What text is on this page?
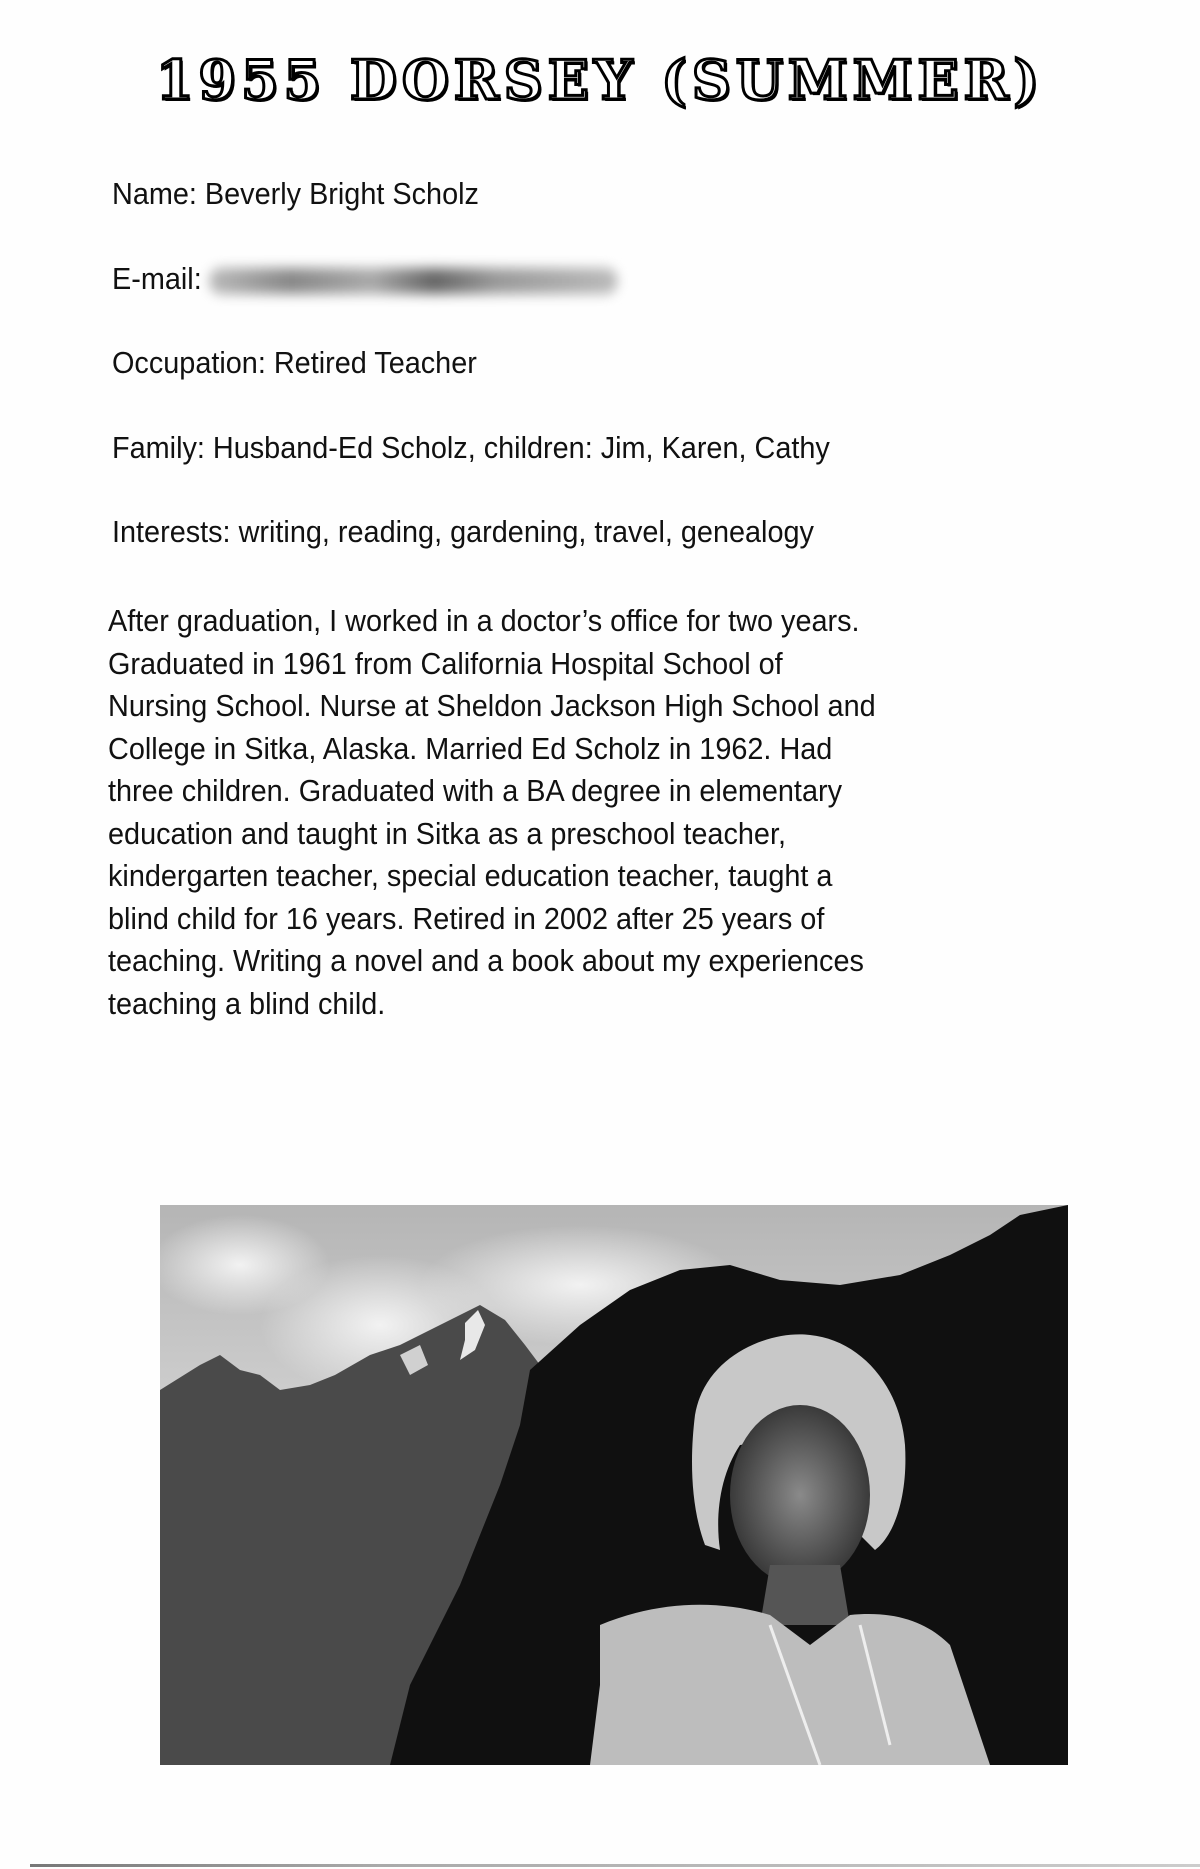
1955 DORSEY (SUMMER)
Name: Beverly Bright Scholz
E-mail:
Occupation: Retired Teacher
Family: Husband-Ed Scholz, children: Jim, Karen, Cathy
Interests: writing, reading, gardening, travel, genealogy
After graduation, I worked in a doctor’s office for two years.
Graduated in 1961 from California Hospital School of
Nursing School. Nurse at Sheldon Jackson High School and
College in Sitka, Alaska. Married Ed Scholz in 1962. Had
three children. Graduated with a BA degree in elementary
education and taught in Sitka as a preschool teacher,
kindergarten teacher, special education teacher, taught a
blind child for 16 years. Retired in 2002 after 25 years of
teaching. Writing a novel and a book about my experiences
teaching a blind child.
